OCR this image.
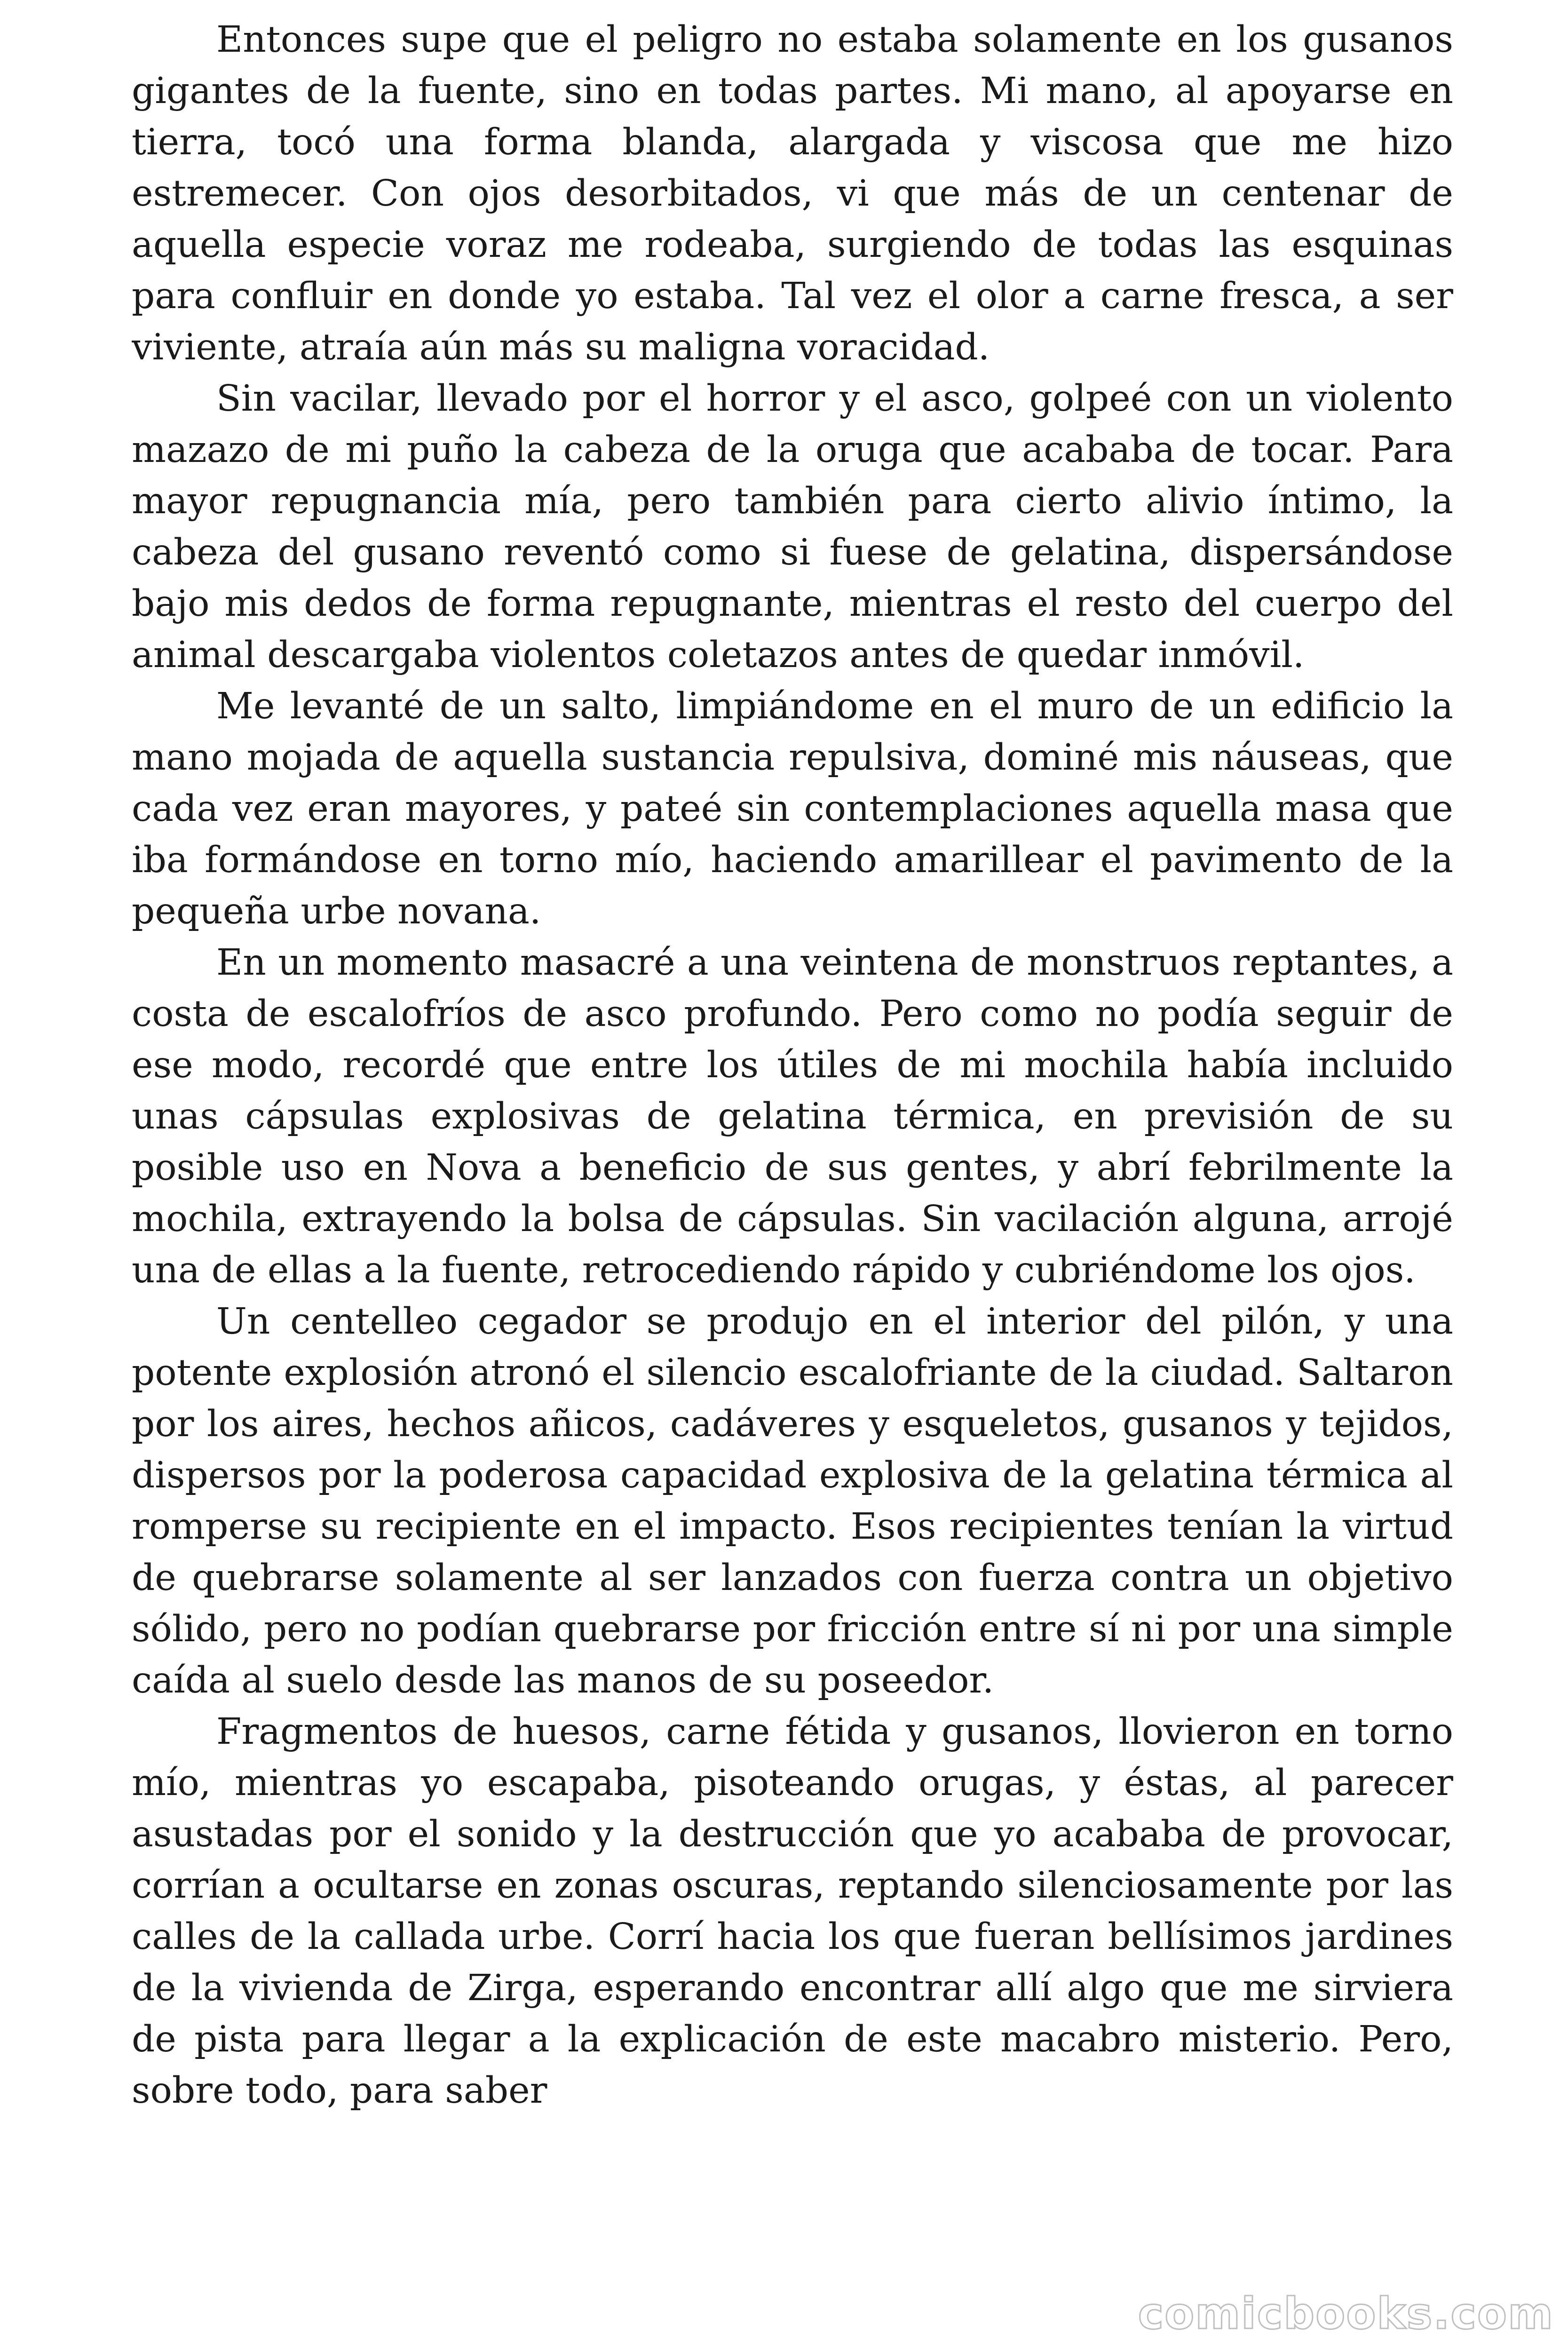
Entonces supe que el peligro no estaba solamente en los gusanos gigantes de la fuente, sino en todas partes. Mi mano, al apoyarse en tierra, tocó una forma blanda, alargada y viscosa que me hizo estremecer. Con ojos desorbitados, vi que más de un centenar de aquella especie voraz me rodeaba, surgiendo de todas las esquinas para confluir en donde yo estaba. Tal vez el olor a carne fresca, a ser viviente, atraía aún más su maligna voracidad.

Sin vacilar, llevado por el horror y el asco, golpeé con un violento mazazo de mi puño la cabeza de la oruga que acababa de tocar. Para mayor repugnancia mía, pero también para cierto alivio íntimo, la cabeza del gusano reventó como si fuese de gelatina, dispersándose bajo mis dedos de forma repugnante, mientras el resto del cuerpo del animal descargaba violentos coletazos antes de quedar inmóvil.

Me levanté de un salto, limpiándome en el muro de un edificio la mano mojada de aquella sustancia repulsiva, dominé mis náuseas, que cada vez eran mayores, y pateé sin contemplaciones aquella masa que iba formándose en torno mío, haciendo amarillear el pavimento de la pequeña urbe novana.

En un momento masacré a una veintena de monstruos reptantes, a costa de escalofríos de asco profundo. Pero como no podía seguir de ese modo, recordé que entre los útiles de mi mochila había incluido unas cápsulas explosivas de gelatina térmica, en previsión de su posible uso en Nova a beneficio de sus gentes, y abrí febrilmente la mochila, extrayendo la bolsa de cápsulas. Sin vacilación alguna, arrojé una de ellas a la fuente, retrocediendo rápido y cubriéndome los ojos.

Un centelleo cegador se produjo en el interior del pilón, y una potente explosión atronó el silencio escalofriante de la ciudad. Saltaron por los aires, hechos añicos, cadáveres y esqueletos, gusanos y tejidos, dispersos por la poderosa capacidad explosiva de la gelatina térmica al romperse su recipiente en el impacto. Esos recipientes tenían la virtud de quebrarse solamente al ser lanzados con fuerza contra un objetivo sólido, pero no podían quebrarse por fricción entre sí ni por una simple caída al suelo desde las manos de su poseedor.

Fragmentos de huesos, carne fétida y gusanos, llovieron en torno mío, mientras yo escapaba, pisoteando orugas, y éstas, al parecer asustadas por el sonido y la destrucción que yo acababa de provocar, corrían a ocultarse en zonas oscuras, reptando silenciosamente por las calles de la callada urbe. Corrí hacia los que fueran bellísimos jardines de la vivienda de Zirga, esperando encontrar allí algo que me sirviera de pista para llegar a la explicación de este macabro misterio. Pero, sobre todo, para saber

comicbooks.com
